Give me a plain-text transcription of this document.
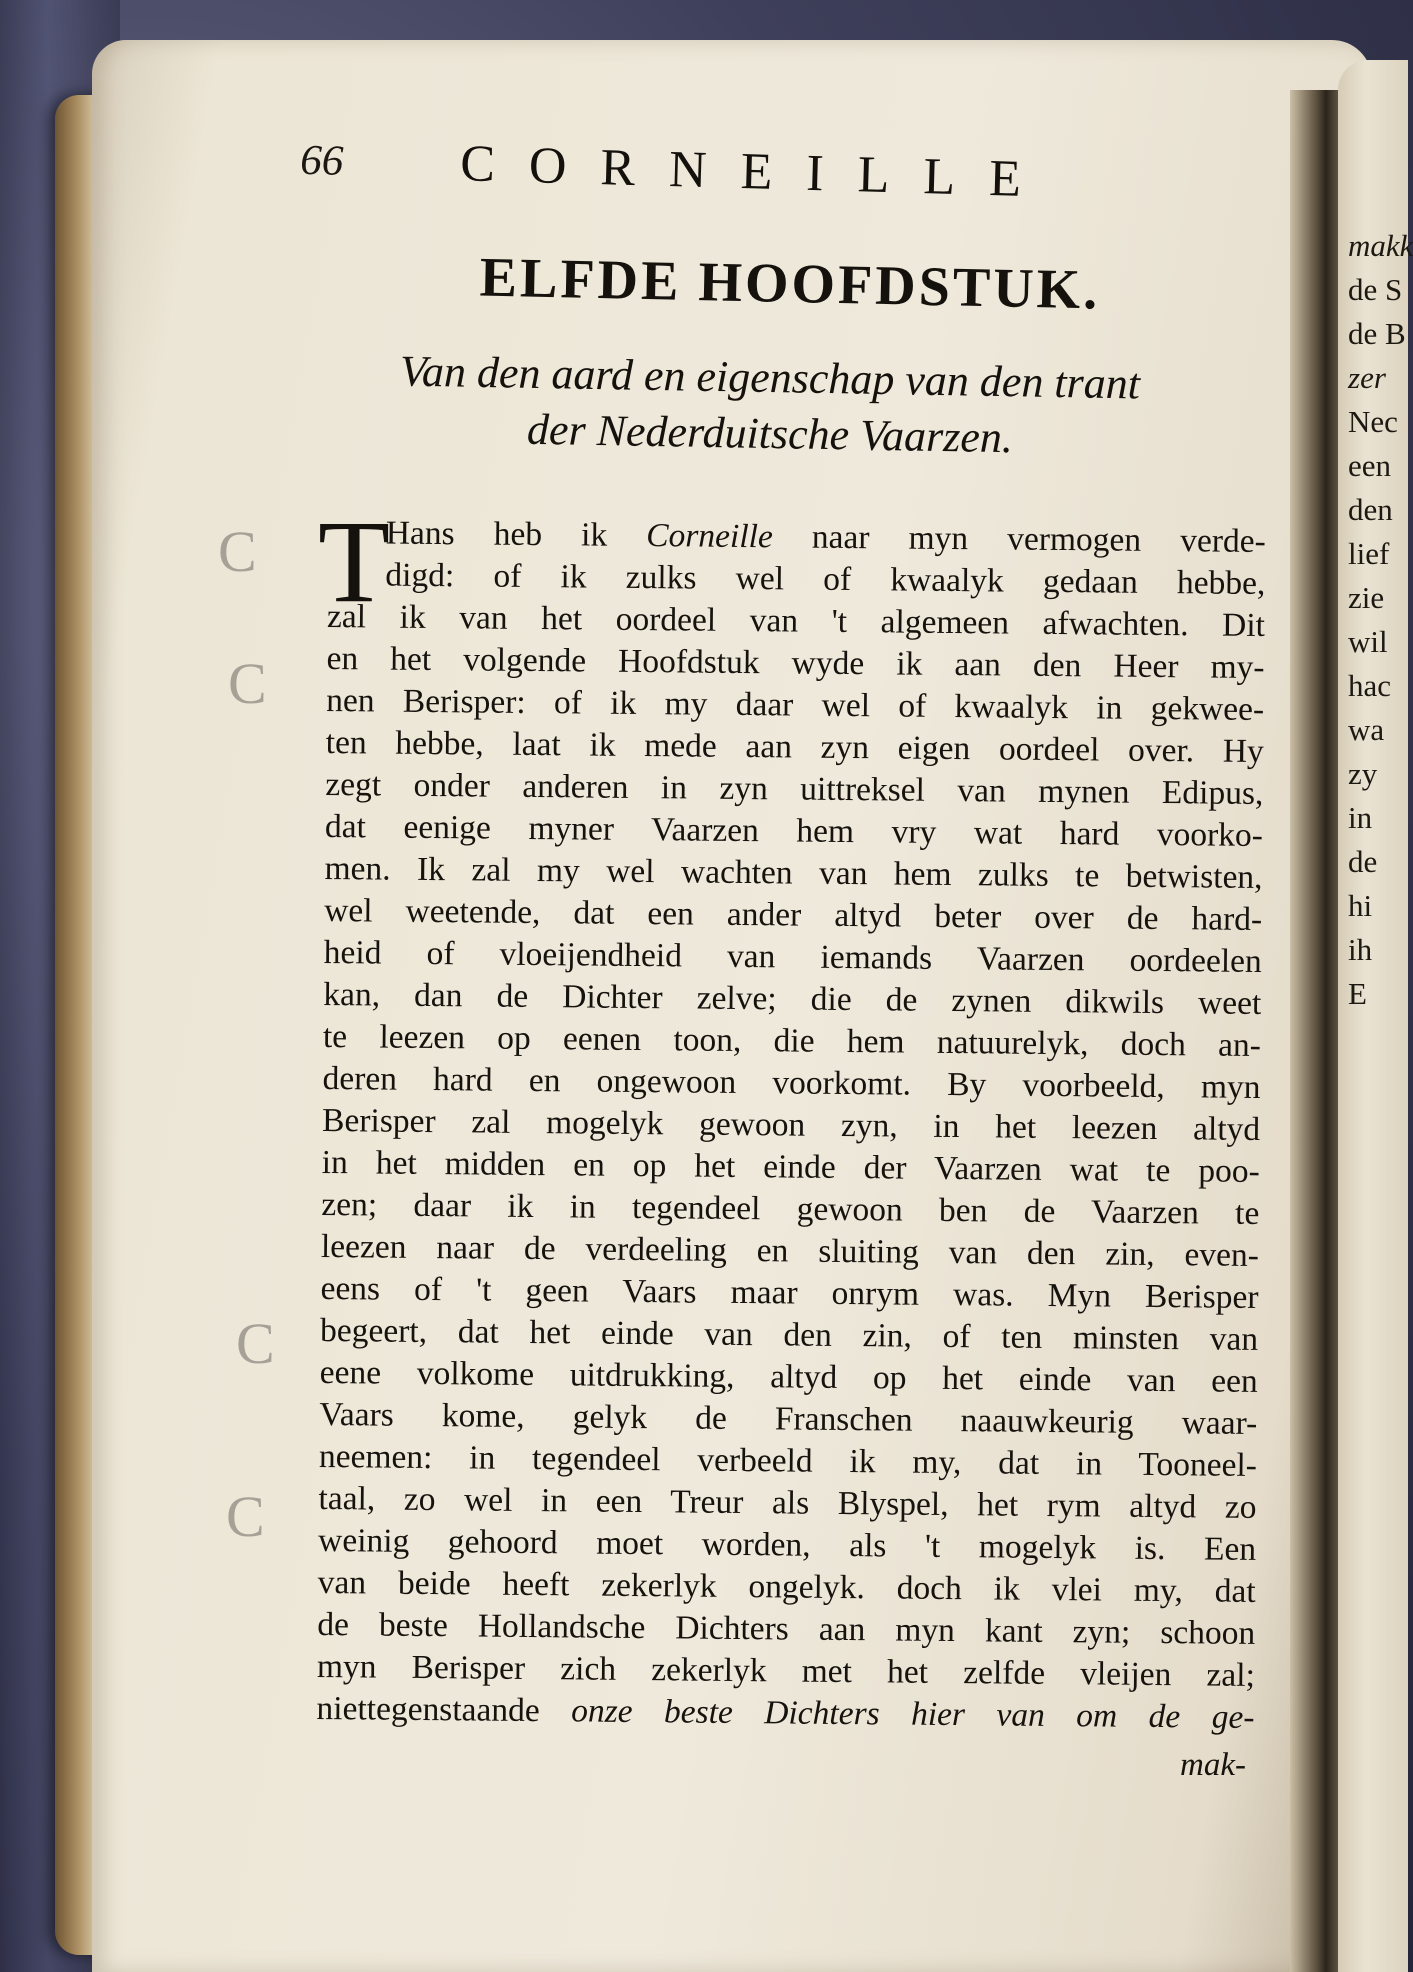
66 CORNEILLE
ELFDE HOOFDSTUK.
Van den aard en eigenschap van den trant
der Nederduitsche Vaarzen.
C
C
C
C
T
Hans heb ik Corneille naar myn vermogen verde-
digd: of ik zulks wel of kwaalyk gedaan hebbe,
zal ik van het oordeel van 't algemeen afwachten. Dit
en het volgende Hoofdstuk wyde ik aan den Heer my-
nen Berisper: of ik my daar wel of kwaalyk in gekwee-
ten hebbe, laat ik mede aan zyn eigen oordeel over. Hy
zegt onder anderen in zyn uittreksel van mynen Edipus,
dat eenige myner Vaarzen hem vry wat hard voorko-
men. Ik zal my wel wachten van hem zulks te betwisten,
wel weetende, dat een ander altyd beter over de hard-
heid of vloeijendheid van iemands Vaarzen oordeelen
kan, dan de Dichter zelve; die de zynen dikwils weet
te leezen op eenen toon, die hem natuurelyk, doch an-
deren hard en ongewoon voorkomt. By voorbeeld, myn
Berisper zal mogelyk gewoon zyn, in het leezen altyd
in het midden en op het einde der Vaarzen wat te poo-
zen; daar ik in tegendeel gewoon ben de Vaarzen te
leezen naar de verdeeling en sluiting van den zin, even-
eens of 't geen Vaars maar onrym was. Myn Berisper
begeert, dat het einde van den zin, of ten minsten van
eene volkome uitdrukking, altyd op het einde van een
Vaars kome, gelyk de Franschen naauwkeurig waar-
neemen: in tegendeel verbeeld ik my, dat in Tooneel-
taal, zo wel in een Treur als Blyspel, het rym altyd zo
weinig gehoord moet worden, als 't mogelyk is. Een
van beide heeft zekerlyk ongelyk. doch ik vlei my, dat
de beste Hollandsche Dichters aan myn kant zyn; schoon
myn Berisper zich zekerlyk met het zelfde vleijen zal;
niettegenstaande onze beste Dichters hier van om de ge-
mak-
makk
de S
de B
zer
Nec
een
den
lief
zie
wil
hac
wa
zy
in
de
hi
ih
E
